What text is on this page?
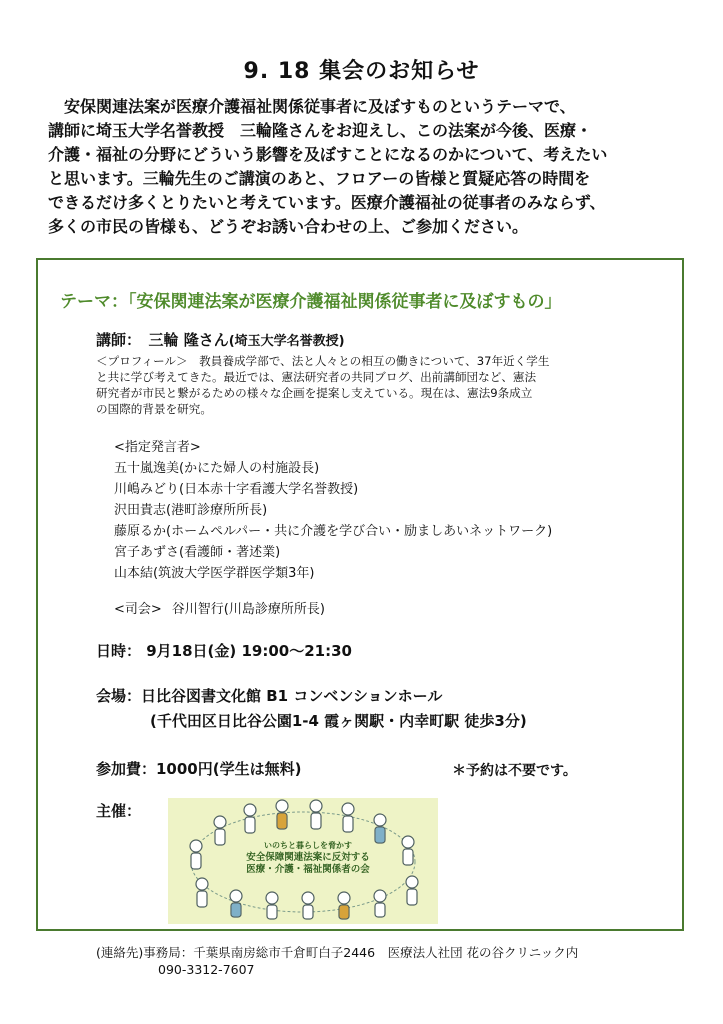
9. 18 集会のお知らせ

安保関連法案が医療介護福祉関係従事者に及ぼすものというテーマで、
講師に埼玉大学名誉教授　三輪隆さんをお迎えし、この法案が今後、医療・
介護・福祉の分野にどういう影響を及ぼすことになるのかについて、考えたい
と思います。三輪先生のご講演のあと、フロアーの皆様と質疑応答の時間を
できるだけ多くとりたいと考えています。医療介護福祉の従事者のみならず、
多くの市民の皆様も、どうぞお誘い合わせの上、ご参加ください。

テーマ：「安保関連法案が医療介護福祉関係従事者に及ぼすもの」
講師：　三輪 隆さん(埼玉大学名誉教授)
＜プロフィール＞　教員養成学部で、法と人々との相互の働きについて、37年近く学生
と共に学び考えてきた。最近では、憲法研究者の共同ブログ、出前講師団など、憲法
研究者が市民と繋がるための様々な企画を提案し支えている。現在は、憲法9条成立
の国際的背景を研究。
<指定発言者>
五十嵐逸美(かにた婦人の村施設長)
川嶋みどり(日本赤十字看護大学名誉教授)
沢田貴志(港町診療所所長)
藤原るか(ホームペルパー・共に介護を学び合い・励ましあいネットワーク)
宮子あずさ(看護師・著述業)
山本結(筑波大学医学群医学類3年)
<司会> 谷川智行(川島診療所所長)
日時： 9月18日(金) 19:00～21:30
会場：日比谷図書文化館 B1 コンベンションホール
(千代田区日比谷公園1-4 霞ヶ関駅・内幸町駅 徒歩3分)
参加費：1000円(学生は無料)	＊予約は不要です。
主催：
いのちと暮らしを脅かす
安全保障関連法案に反対する
医療・介護・福祉関係者の会
(連絡先)事務局：千葉県南房総市千倉町白子2446　医療法人社団 花の谷クリニック内
090-3312-7607
